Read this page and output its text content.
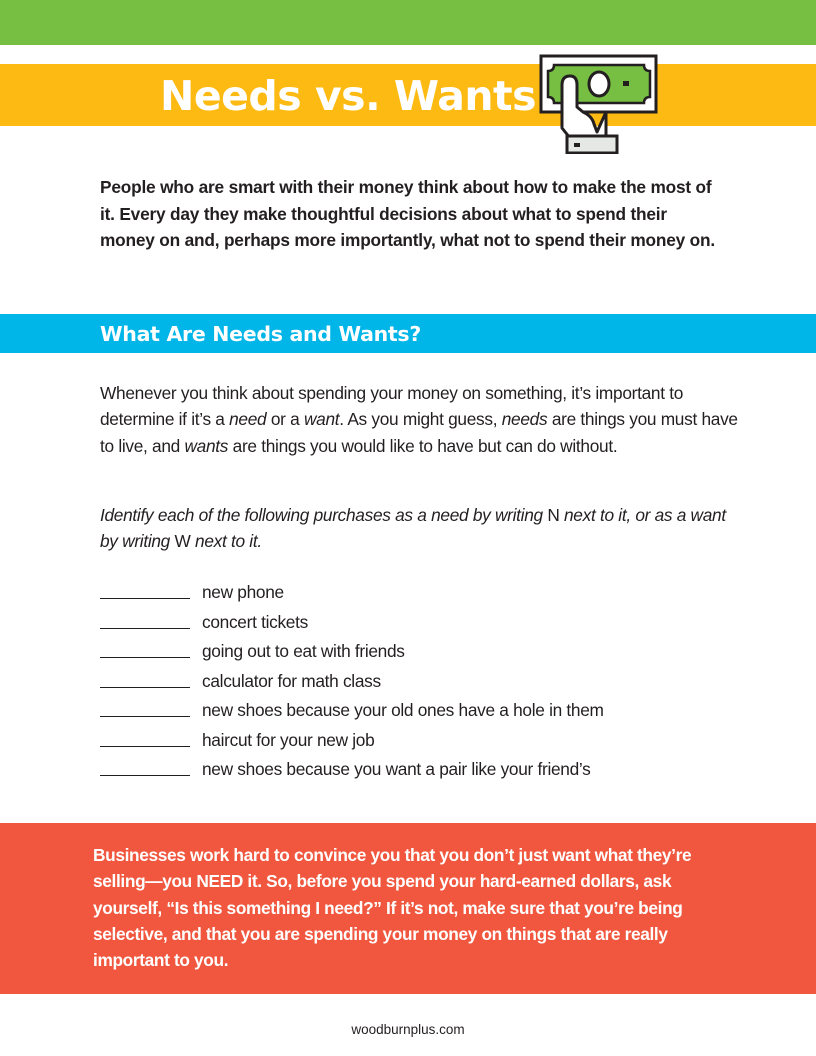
Needs vs. Wants

People who are smart with their money think about how to make the most of it. Every day they make thoughtful decisions about what to spend their money on and, perhaps more importantly, what not to spend their money on.

What Are Needs and Wants?

Whenever you think about spending your money on something, it’s important to determine if it’s a need or a want. As you might guess, needs are things you must have to live, and wants are things you would like to have but can do without.

Identify each of the following purchases as a need by writing N next to it, or as a want by writing W next to it.

new phone
concert tickets
going out to eat with friends
calculator for math class
new shoes because your old ones have a hole in them
haircut for your new job
new shoes because you want a pair like your friend’s

Businesses work hard to convince you that you don’t just want what they’re selling—you NEED it. So, before you spend your hard-earned dollars, ask yourself, “Is this something I need?” If it’s not, make sure that you’re being selective, and that you are spending your money on things that are really important to you.

woodburnplus.com
